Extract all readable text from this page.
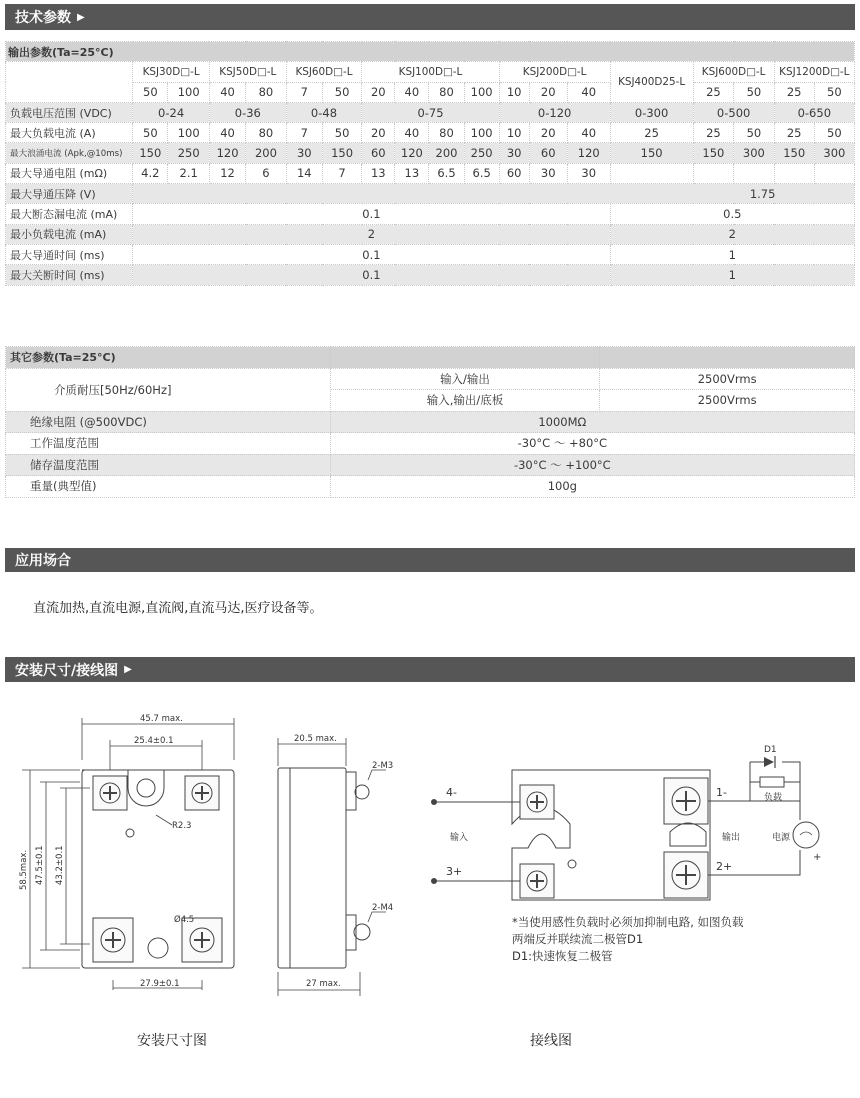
技术参数 ▶
输出参数(Ta=25°C)																		
	KSJ30D□-L		KSJ50D□-L		KSJ60D□-L		KSJ100D□-L				KSJ200D□-L			KSJ400D25-L	KSJ600D□-L		KSJ1200D□-L	
	50	100	40	80	7	50	20	40	80	100	10	20	40		25	50	25	50
负载电压范围 (VDC)	0-24		0-36		0-48		0-75				0-120			0-300	0-500		0-650	
最大负载电流 (A)	50	100	40	80	7	50	20	40	80	100	10	20	40	25	25	50	25	50
最大浪涌电流 (Apk,@10ms)	150	250	120	200	30	150	60	120	200	250	30	60	120	150	150	300	150	300
最大导通电阻 (mΩ)	4.2	2.1	12	6	14	7	13	13	6.5	6.5	60	30	30					
最大导通压降 (V)	1.75																	
最大断态漏电流 (mA)	0.1													0.5				
最小负载电流 (mA)	2													2				
最大导通时间 (ms)	0.1													1				
最大关断时间 (ms)	0.1													1				
其它参数(Ta=25°C)		
介质耐压[50Hz/60Hz]	输入/输出	2500Vrms
	输入,输出/底板	2500Vrms
绝缘电阻 (@500VDC)	1000MΩ	
工作温度范围	-30°C ～ +80°C	
储存温度范围	-30°C ～ +100°C	
重量(典型值)	100g	
应用场合
直流加热,直流电源,直流阀,直流马达,医疗设备等。
安装尺寸/接线图 ▶
45.7 max.
25.4±0.1
R2.3
Ø4.5
27.9±0.1
20.5 max.
2-M3
2-M4
27 max.
58.5max. 47.5±0.1 43.2±0.1
4-
3+
输入
1-
2+
输出
D1
负载
电源
+
*当使用感性负载时必须加抑制电路, 如图负载
两端反并联续流二极管D1
D1:快速恢复二极管
安装尺寸图	接线图
